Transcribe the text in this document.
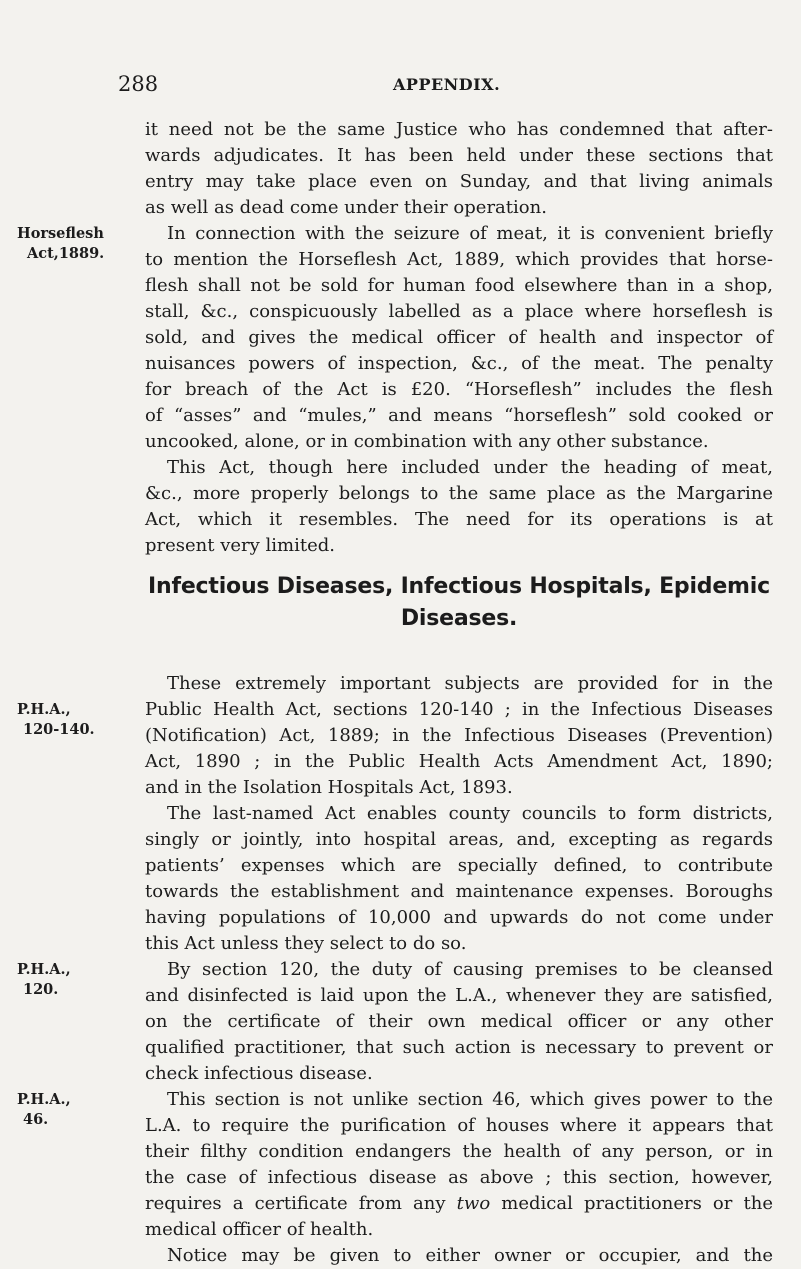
288	APPENDIX.
it need not be the same Justice who has condemned that after-
wards adjudicates. It has been held under these sections that
entry may take place even on Sunday, and that living animals
as well as dead come under their operation.
Horseflesh
Act,1889.
In connection with the seizure of meat, it is convenient briefly
to mention the Horseflesh Act, 1889, which provides that horse-
flesh shall not be sold for human food elsewhere than in a shop,
stall, &c., conspicuously labelled as a place where horseflesh is
sold, and gives the medical officer of health and inspector of
nuisances powers of inspection, &c., of the meat. The penalty
for breach of the Act is £20. “Horseflesh” includes the flesh
of “asses” and “mules,” and means “horseflesh” sold cooked or
uncooked, alone, or in combination with any other substance.
This Act, though here included under the heading of meat,
&c., more properly belongs to the same place as the Margarine
Act, which it resembles. The need for its operations is at
present very limited.
Infectious Diseases, Infectious Hospitals, Epidemic
Diseases.
P.H.A.,
120-140.
These extremely important subjects are provided for in the
Public Health Act, sections 120-140 ; in the Infectious Diseases
(Notification) Act, 1889; in the Infectious Diseases (Prevention)
Act, 1890 ; in the Public Health Acts Amendment Act, 1890;
and in the Isolation Hospitals Act, 1893.
The last-named Act enables county councils to form districts,
singly or jointly, into hospital areas, and, excepting as regards
patients’ expenses which are specially defined, to contribute
towards the establishment and maintenance expenses. Boroughs
having populations of 10,000 and upwards do not come under
this Act unless they select to do so.
P.H.A.,
120.
By section 120, the duty of causing premises to be cleansed
and disinfected is laid upon the L.A., whenever they are satisfied,
on the certificate of their own medical officer or any other
qualified practitioner, that such action is necessary to prevent or
check infectious disease.
P.H.A.,
46.
This section is not unlike section 46, which gives power to the
L.A. to require the purification of houses where it appears that
their filthy condition endangers the health of any person, or in
the case of infectious disease as above ; this section, however,
requires a certificate from any two medical practitioners or the
medical officer of health.
Notice may be given to either owner or occupier, and the
